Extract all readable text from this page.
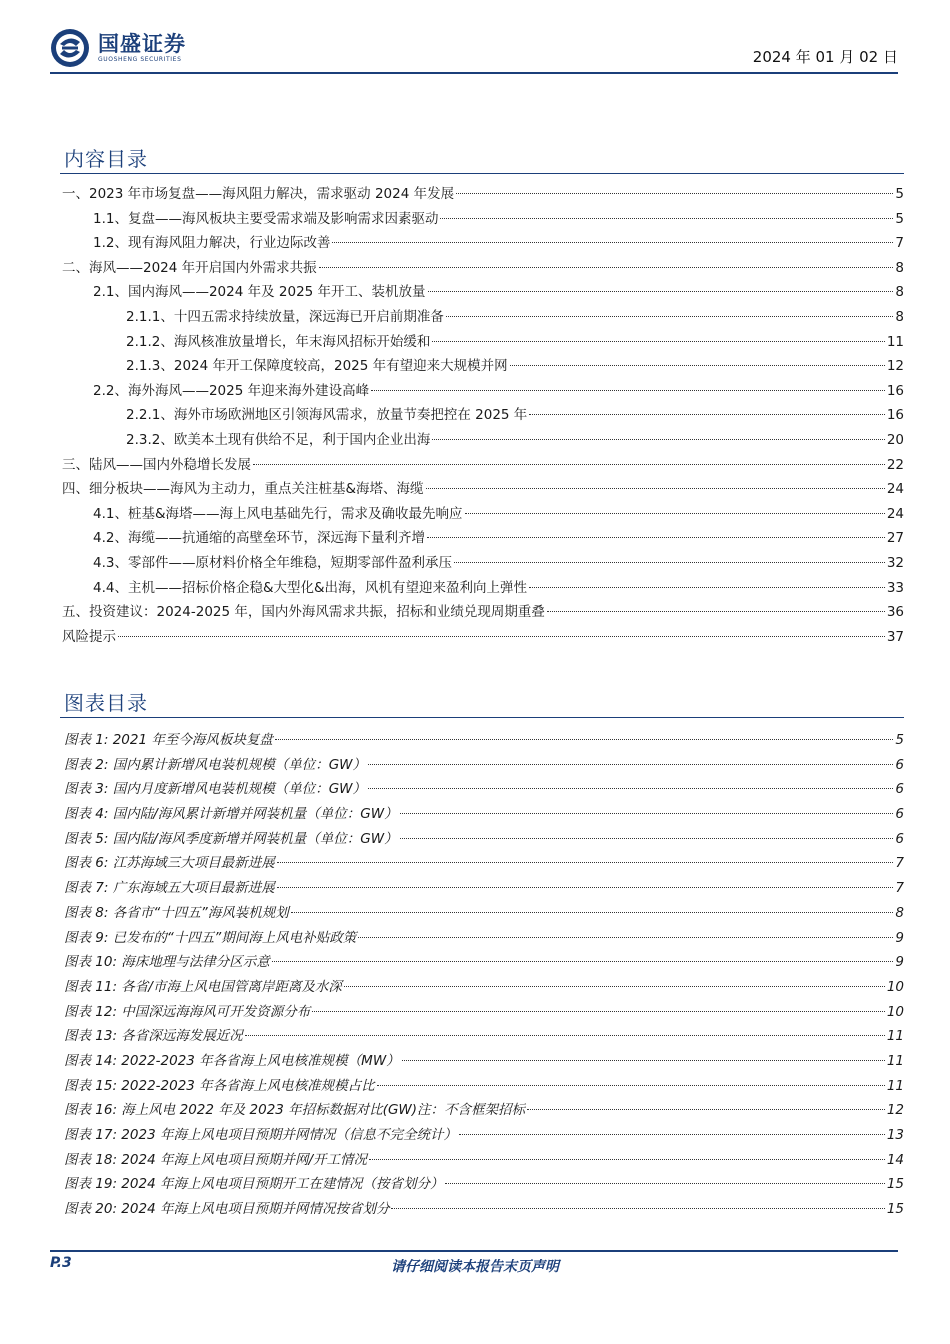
国盛证券
GUOSHENG SECURITIES	2024 年 01 月 02 日
内容目录
一、2023 年市场复盘——海风阻力解决，需求驱动 2024 年发展	5
1.1、复盘——海风板块主要受需求端及影响需求因素驱动	5
1.2、现有海风阻力解决，行业边际改善	7
二、海风——2024 年开启国内外需求共振	8
2.1、国内海风——2024 年及 2025 年开工、装机放量	8
2.1.1、十四五需求持续放量，深远海已开启前期准备	8
2.1.2、海风核准放量增长，年末海风招标开始缓和	11
2.1.3、2024 年开工保障度较高，2025 年有望迎来大规模并网	12
2.2、海外海风——2025 年迎来海外建设高峰	16
2.2.1、海外市场欧洲地区引领海风需求，放量节奏把控在 2025 年	16
2.3.2、欧美本土现有供给不足，利于国内企业出海	20
三、陆风——国内外稳增长发展	22
四、细分板块——海风为主动力，重点关注桩基&海塔、海缆	24
4.1、桩基&海塔——海上风电基础先行，需求及确收最先响应	24
4.2、海缆——抗通缩的高壁垒环节，深远海下量利齐增	27
4.3、零部件——原材料价格全年维稳，短期零部件盈利承压	32
4.4、主机——招标价格企稳&大型化&出海，风机有望迎来盈利向上弹性	33
五、投资建议：2024-2025 年，国内外海风需求共振，招标和业绩兑现周期重叠	36
风险提示	37
图表目录
图表 1: 2021 年至今海风板块复盘	5
图表 2: 国内累计新增风电装机规模（单位：GW）	6
图表 3: 国内月度新增风电装机规模（单位：GW）	6
图表 4: 国内陆/海风累计新增并网装机量（单位：GW）	6
图表 5: 国内陆/海风季度新增并网装机量（单位：GW）	6
图表 6: 江苏海域三大项目最新进展	7
图表 7: 广东海域五大项目最新进展	7
图表 8: 各省市“十四五”海风装机规划	8
图表 9: 已发布的“十四五”期间海上风电补贴政策	9
图表 10: 海床地理与法律分区示意	9
图表 11: 各省/市海上风电国管离岸距离及水深	10
图表 12: 中国深远海海风可开发资源分布	10
图表 13: 各省深远海发展近况	11
图表 14: 2022-2023 年各省海上风电核准规模（MW）	11
图表 15: 2022-2023 年各省海上风电核准规模占比	11
图表 16: 海上风电 2022 年及 2023 年招标数据对比(GW)注：不含框架招标	12
图表 17: 2023 年海上风电项目预期并网情况（信息不完全统计）	13
图表 18: 2024 年海上风电项目预期并网/开工情况	14
图表 19: 2024 年海上风电项目预期开工在建情况（按省划分）	15
图表 20: 2024 年海上风电项目预期并网情况按省划分	15
P.3	请仔细阅读本报告末页声明
